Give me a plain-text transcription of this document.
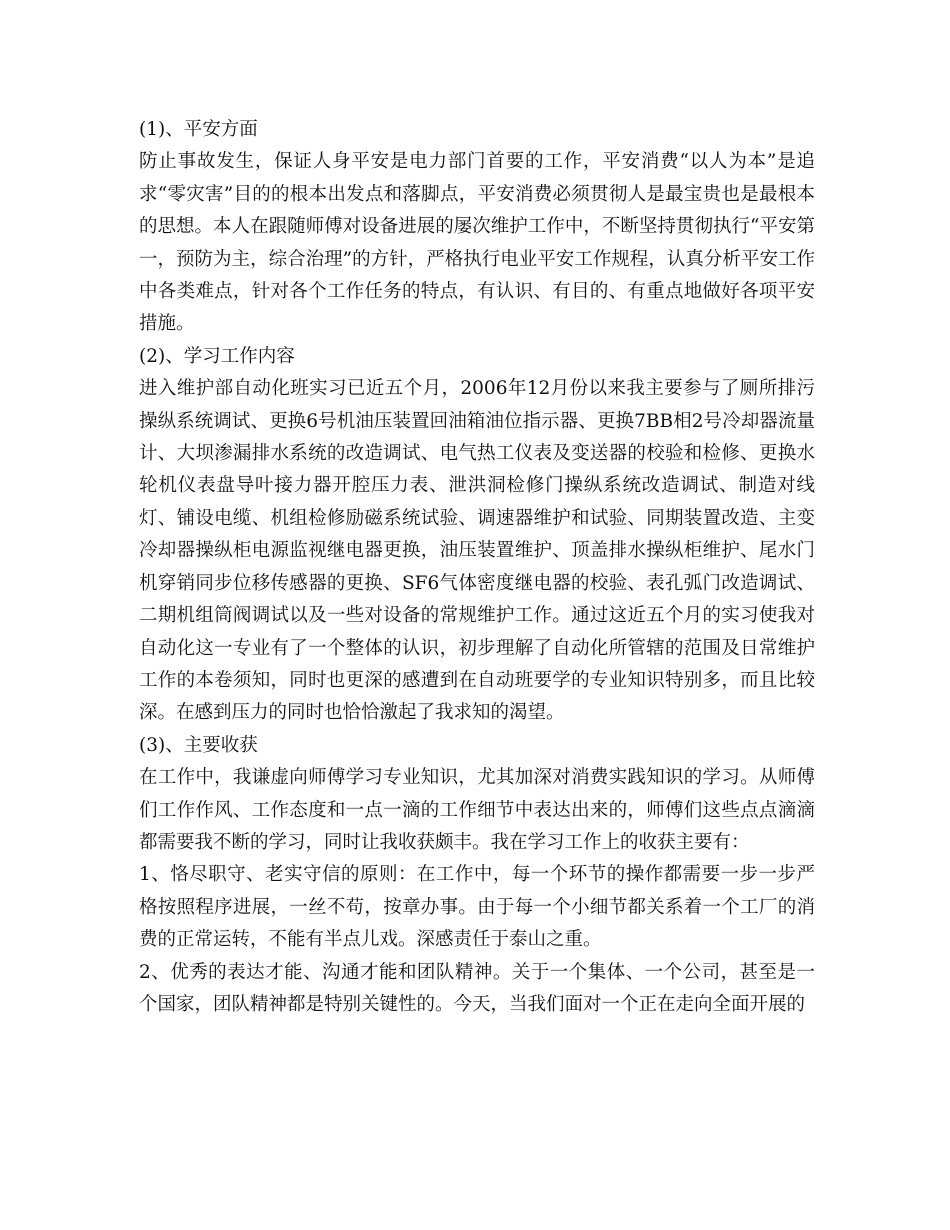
(1)、平安方面

防止事故发生，保证人身平安是电力部门首要的工作，平安消费“以人为本”是追求“零灾害”目的的根本出发点和落脚点，平安消费必须贯彻人是最宝贵也是最根本的思想。本人在跟随师傅对设备进展的屡次维护工作中，不断坚持贯彻执行“平安第一，预防为主，综合治理”的方针，严格执行电业平安工作规程，认真分析平安工作中各类难点，针对各个工作任务的特点，有认识、有目的、有重点地做好各项平安措施。

(2)、学习工作内容

进入维护部自动化班实习已近五个月，2006年12月份以来我主要参与了厕所排污操纵系统调试、更换6号机油压装置回油箱油位指示器、更换7BB相2号冷却器流量计、大坝渗漏排水系统的改造调试、电气热工仪表及变送器的校验和检修、更换水轮机仪表盘导叶接力器开腔压力表、泄洪洞检修门操纵系统改造调试、制造对线灯、铺设电缆、机组检修励磁系统试验、调速器维护和试验、同期装置改造、主变冷却器操纵柜电源监视继电器更换，油压装置维护、顶盖排水操纵柜维护、尾水门机穿销同步位移传感器的更换、SF6气体密度继电器的校验、表孔弧门改造调试、二期机组筒阀调试以及一些对设备的常规维护工作。通过这近五个月的实习使我对自动化这一专业有了一个整体的认识，初步理解了自动化所管辖的范围及日常维护工作的本卷须知，同时也更深的感遭到在自动班要学的专业知识特别多，而且比较深。在感到压力的同时也恰恰激起了我求知的渴望。

(3)、主要收获

在工作中，我谦虚向师傅学习专业知识，尤其加深对消费实践知识的学习。从师傅们工作作风、工作态度和一点一滴的工作细节中表达出来的，师傅们这些点点滴滴都需要我不断的学习，同时让我收获颇丰。我在学习工作上的收获主要有：

1、恪尽职守、老实守信的原则：在工作中，每一个环节的操作都需要一步一步严格按照程序进展，一丝不苟，按章办事。由于每一个小细节都关系着一个工厂的消费的正常运转，不能有半点儿戏。深感责任于泰山之重。

2、优秀的表达才能、沟通才能和团队精神。关于一个集体、一个公司，甚至是一个国家，团队精神都是特别关键性的。今天，当我们面对一个正在走向全面开展的
